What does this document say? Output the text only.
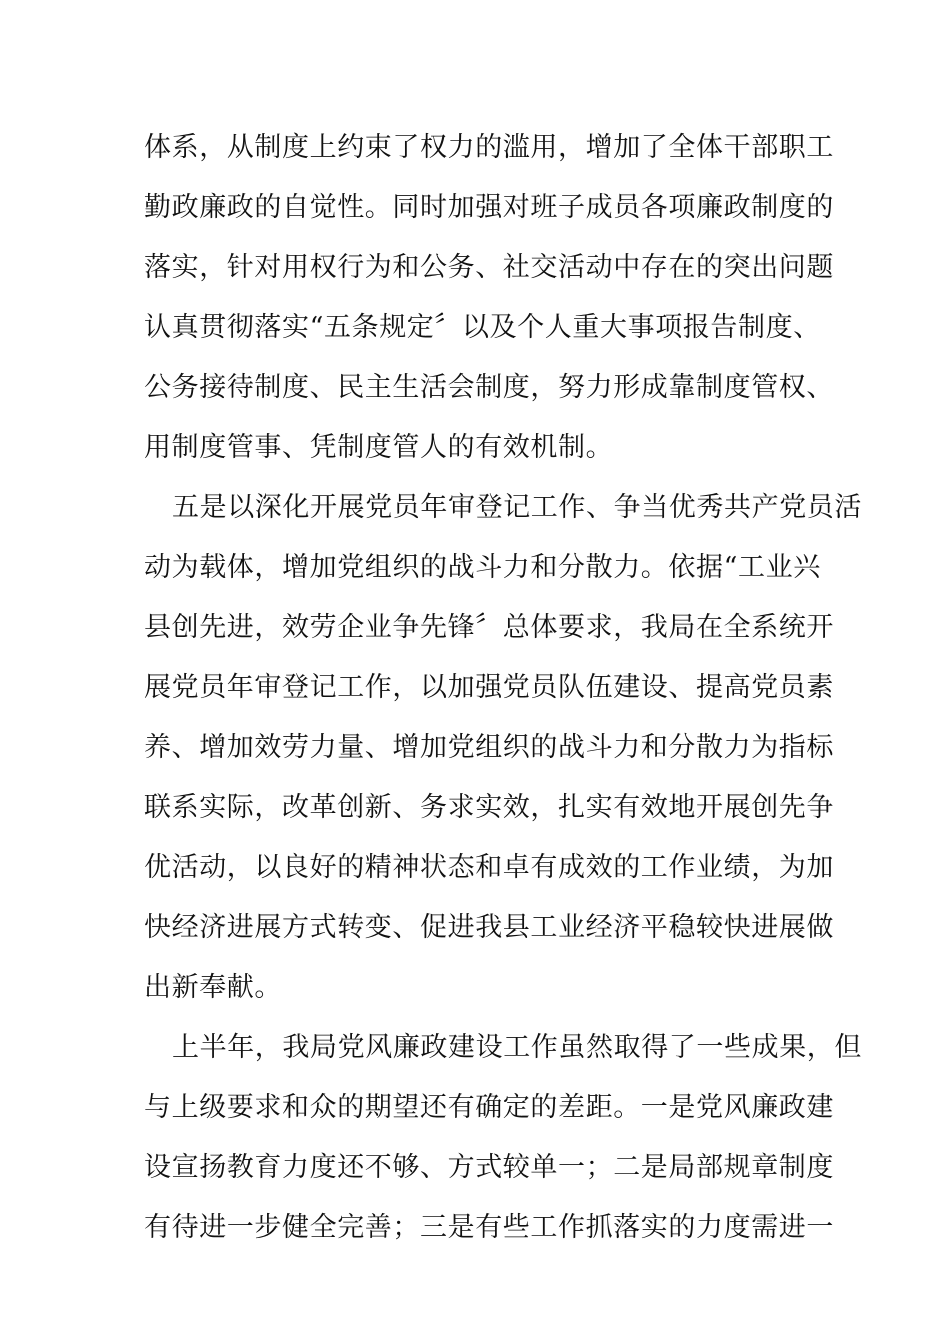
体系，从制度上约束了权力的滥用，增加了全体干部职工
勤政廉政的自觉性。同时加强对班子成员各项廉政制度的
落实，针对用权行为和公务、社交活动中存在的突出问题
认真贯彻落实“五条规定〞以及个人重大事项报告制度、
公务接待制度、民主生活会制度，努力形成靠制度管权、
用制度管事、凭制度管人的有效机制。
五是以深化开展党员年审登记工作、争当优秀共产党员活
动为载体，增加党组织的战斗力和分散力。依据“工业兴
县创先进，效劳企业争先锋〞总体要求，我局在全系统开
展党员年审登记工作，以加强党员队伍建设、提高党员素
养、增加效劳力量、增加党组织的战斗力和分散力为指标
联系实际，改革创新、务求实效，扎实有效地开展创先争
优活动，以良好的精神状态和卓有成效的工作业绩，为加
快经济进展方式转变、促进我县工业经济平稳较快进展做
出新奉献。
上半年，我局党风廉政建设工作虽然取得了一些成果，但
与上级要求和众的期望还有确定的差距。一是党风廉政建
设宣扬教育力度还不够、方式较单一；二是局部规章制度
有待进一步健全完善；三是有些工作抓落实的力度需进一
